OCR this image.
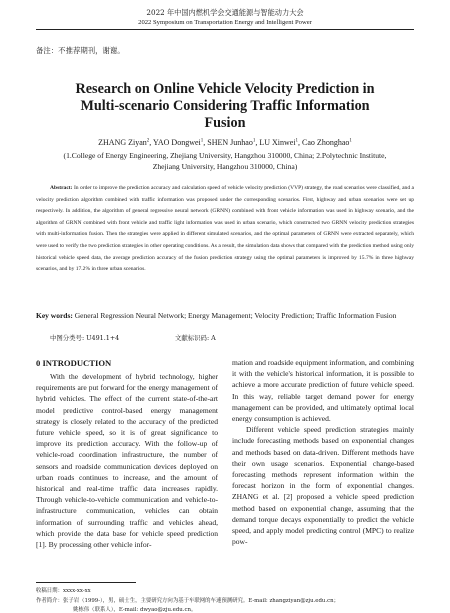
2022 年中国内燃机学会交通能源与智能动力大会
2022 Symposium on Transportation Energy and Intelligent Power
备注：不推荐期刊，谢谢。
Research on Online Vehicle Velocity Prediction in Multi-scenario Considering Traffic Information Fusion
ZHANG Ziyan$^2$, YAO Dongwei$^1$, SHEN Junhao$^1$, LU Xinwei$^1$, Cao Zhonghao$^1$
(1.College of Energy Engineering, Zhejiang University, Hangzhou 310000, China; 2.Polytechnic Institute, Zhejiang University, Hangzhou 310000, China)
Abstract: In order to improve the prediction accuracy and calculation speed of vehicle velocity prediction (VVP) strategy, the road scenarios were classified, and a velocity prediction algorithm combined with traffic information was proposed under the corresponding scenarios. First, highway and urban scenarios were set up respectively. In addition, the algorithm of general regressive neural network (GRNN) combined with front vehicle information was used in highway scenario, and the algorithm of GRNN combined with front vehicle and traffic light information was used in urban scenario, which constructed two GRNN velocity prediction strategies with multi-information fusion. Then the strategies were applied in different simulated scenarios, and the optimal parameters of GRNN were extracted separately, which were used to verify the two prediction strategies in other operating conditions. As a result, the simulation data shows that compared with the prediction method using only historical vehicle speed data, the average prediction accuracy of the fusion prediction strategy using the optimal parameters is improved by 15.7% in three highway scenarios, and by 17.2% in three urban scenarios.
Key words: General Regression Neural Network; Energy Management; Velocity Prediction; Traffic Information Fusion
中图分类号: U491.1+4	文献标识码: A
0 INTRODUCTION

With the development of hybrid technology, higher requirements are put forward for the energy management of hybrid vehicles. The effect of the current state-of-the-art model predictive control-based energy management strategy is closely related to the accuracy of the predicted future vehicle speed, so it is of great significance to improve its prediction accuracy. With the follow-up of vehicle-road coordination infrastructure, the number of sensors and roadside communication devices deployed on urban roads continues to increase, and the amount of historical and real-time traffic data increases rapidly. Through vehicle-to-vehicle communication and vehicle-to-infrastructure communication, vehicles can obtain information of surrounding traffic and vehicles ahead, which provide the data base for vehicle speed prediction [1]. By processing other vehicle infor-

mation and roadside equipment information, and combining it with the vehicle's historical information, it is possible to achieve a more accurate prediction of future vehicle speed. In this way, reliable target demand power for energy management can be provided, and ultimately optimal local energy consumption is achieved.

Different vehicle speed prediction strategies mainly include forecasting methods based on exponential changes and methods based on data-driven. Different methods have their own usage scenarios. Exponential change-based forecasting methods represent information within the forecast horizon in the form of exponential changes. ZHANG et al. [2] proposed a vehicle speed prediction method based on exponential change, assuming that the demand torque decays exponentially to predict the vehicle speed, and apply model predicting control (MPC) to realize pow-

收稿日期：xxxx-xx-xx
作者简介：张子岩（1999-），男，硕士生，主要研究方向为基于车联网的车速预测研究。E-mail: zhangziyan@zju.edu.cn；
姚栋伟（联系人），E-mail: dwyao@zju.edu.cn。
